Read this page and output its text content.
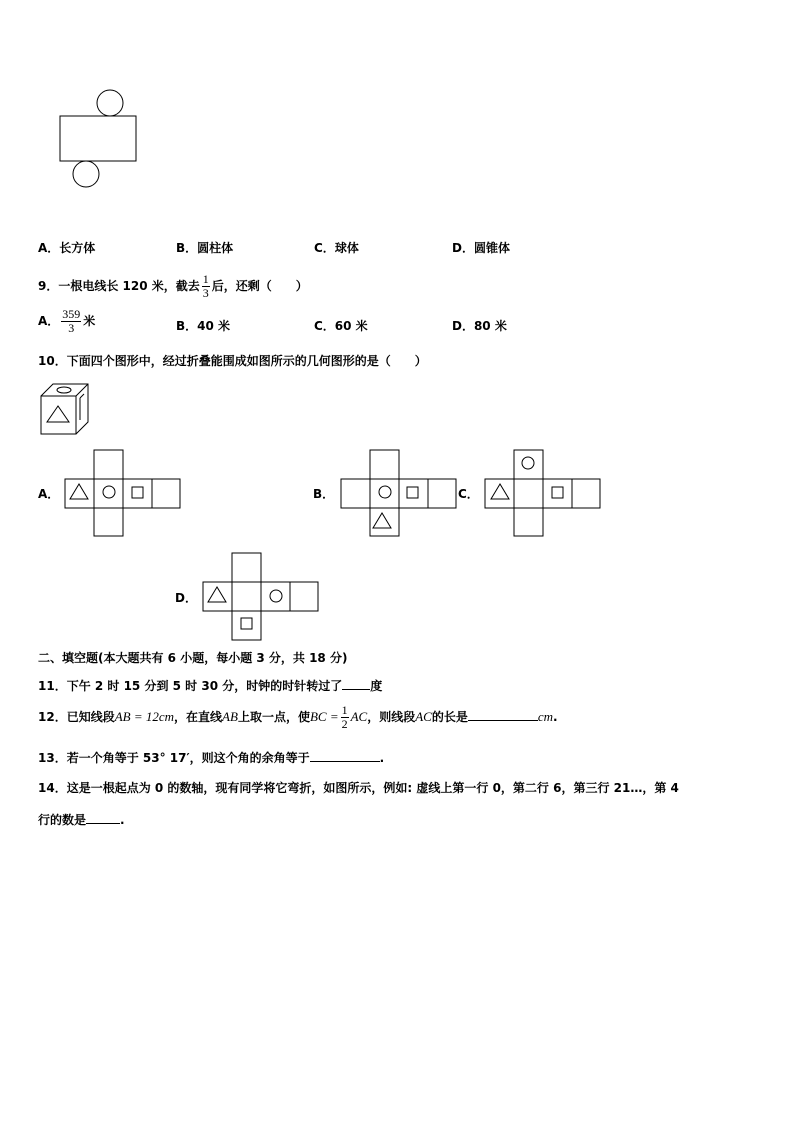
A．长方体	B．圆柱体	C．球体	D．圆锥体
9．一根电线长 120 米，截去 $\frac{1}{3}$ 后，还剩（　　）
A． $\frac{359}{3}$ 米	B．40 米	C．60 米	D．80 米
10．下面四个图形中，经过折叠能围成如图所示的几何图形的是（　　）
A．	B．	C．
D．
二、填空题(本大题共有 6 小题，每小题 3 分，共 18 分)
11．下午 2 时 15 分到 5 时 30 分，时钟的时针转过了 度
12．已知线段AB = 12cm，在直线AB上取一点，使BC = $\frac{1}{2}$ AC，则线段AC的长是	cm.
13．若一个角等于 53° 17′，则这个角的余角等于	.
14．这是一根起点为 0 的数轴，现有同学将它弯折，如图所示，例如: 虚线上第一行 0，第二行 6，第三行 21…，第 4
行的数是	.
